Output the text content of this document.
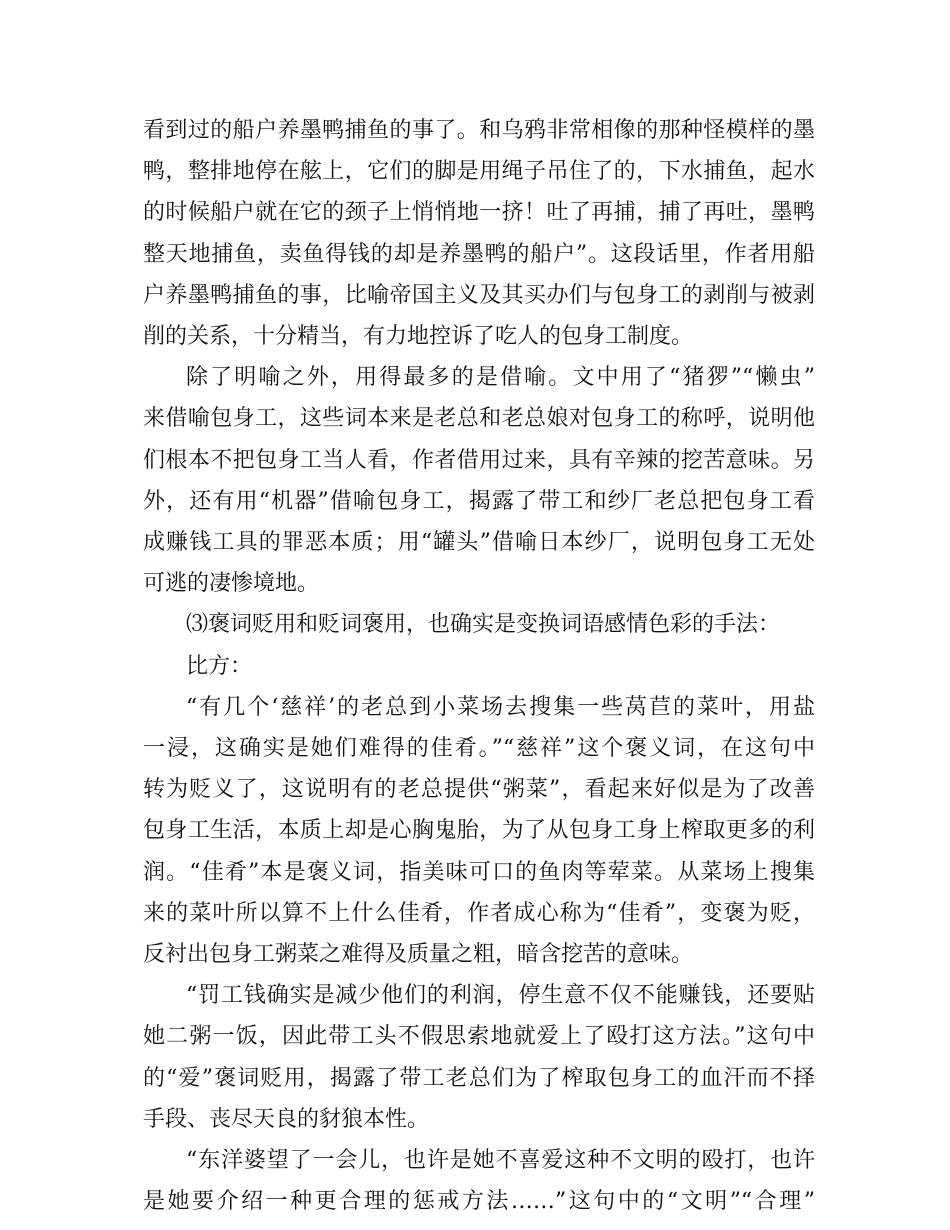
看到过的船户养墨鸭捕鱼的事了。和乌鸦非常相像的那种怪模样的墨
鸭，整排地停在舷上，它们的脚是用绳子吊住了的，下水捕鱼，起水
的时候船户就在它的颈子上悄悄地一挤！吐了再捕，捕了再吐，墨鸭
整天地捕鱼，卖鱼得钱的却是养墨鸭的船户”。这段话里，作者用船
户养墨鸭捕鱼的事，比喻帝国主义及其买办们与包身工的剥削与被剥
削的关系，十分精当，有力地控诉了吃人的包身工制度。
除了明喻之外，用得最多的是借喻。文中用了“猪猡”“懒虫”
来借喻包身工，这些词本来是老总和老总娘对包身工的称呼，说明他
们根本不把包身工当人看，作者借用过来，具有辛辣的挖苦意味。另
外，还有用“机器”借喻包身工，揭露了带工和纱厂老总把包身工看
成赚钱工具的罪恶本质；用“罐头”借喻日本纱厂，说明包身工无处
可逃的凄惨境地。
⑶褒词贬用和贬词褒用，也确实是变换词语感情色彩的手法：
比方：
“有几个‘慈祥’的老总到小菜场去搜集一些莴苣的菜叶，用盐
一浸，这确实是她们难得的佳肴。”“慈祥”这个褒义词，在这句中
转为贬义了，这说明有的老总提供“粥菜”，看起来好似是为了改善
包身工生活，本质上却是心胸鬼胎，为了从包身工身上榨取更多的利
润。“佳肴”本是褒义词，指美味可口的鱼肉等荤菜。从菜场上搜集
来的菜叶所以算不上什么佳肴，作者成心称为“佳肴”，变褒为贬，
反衬出包身工粥菜之难得及质量之粗，暗含挖苦的意味。
“罚工钱确实是减少他们的利润，停生意不仅不能赚钱，还要贴
她二粥一饭，因此带工头不假思索地就爱上了殴打这方法。”这句中
的“爱”褒词贬用，揭露了带工老总们为了榨取包身工的血汗而不择
手段、丧尽天良的豺狼本性。
“东洋婆望了一会儿，也许是她不喜爱这种不文明的殴打，也许
是她要介绍一种更合理的惩戒方法……”这句中的“文明”“合理”
